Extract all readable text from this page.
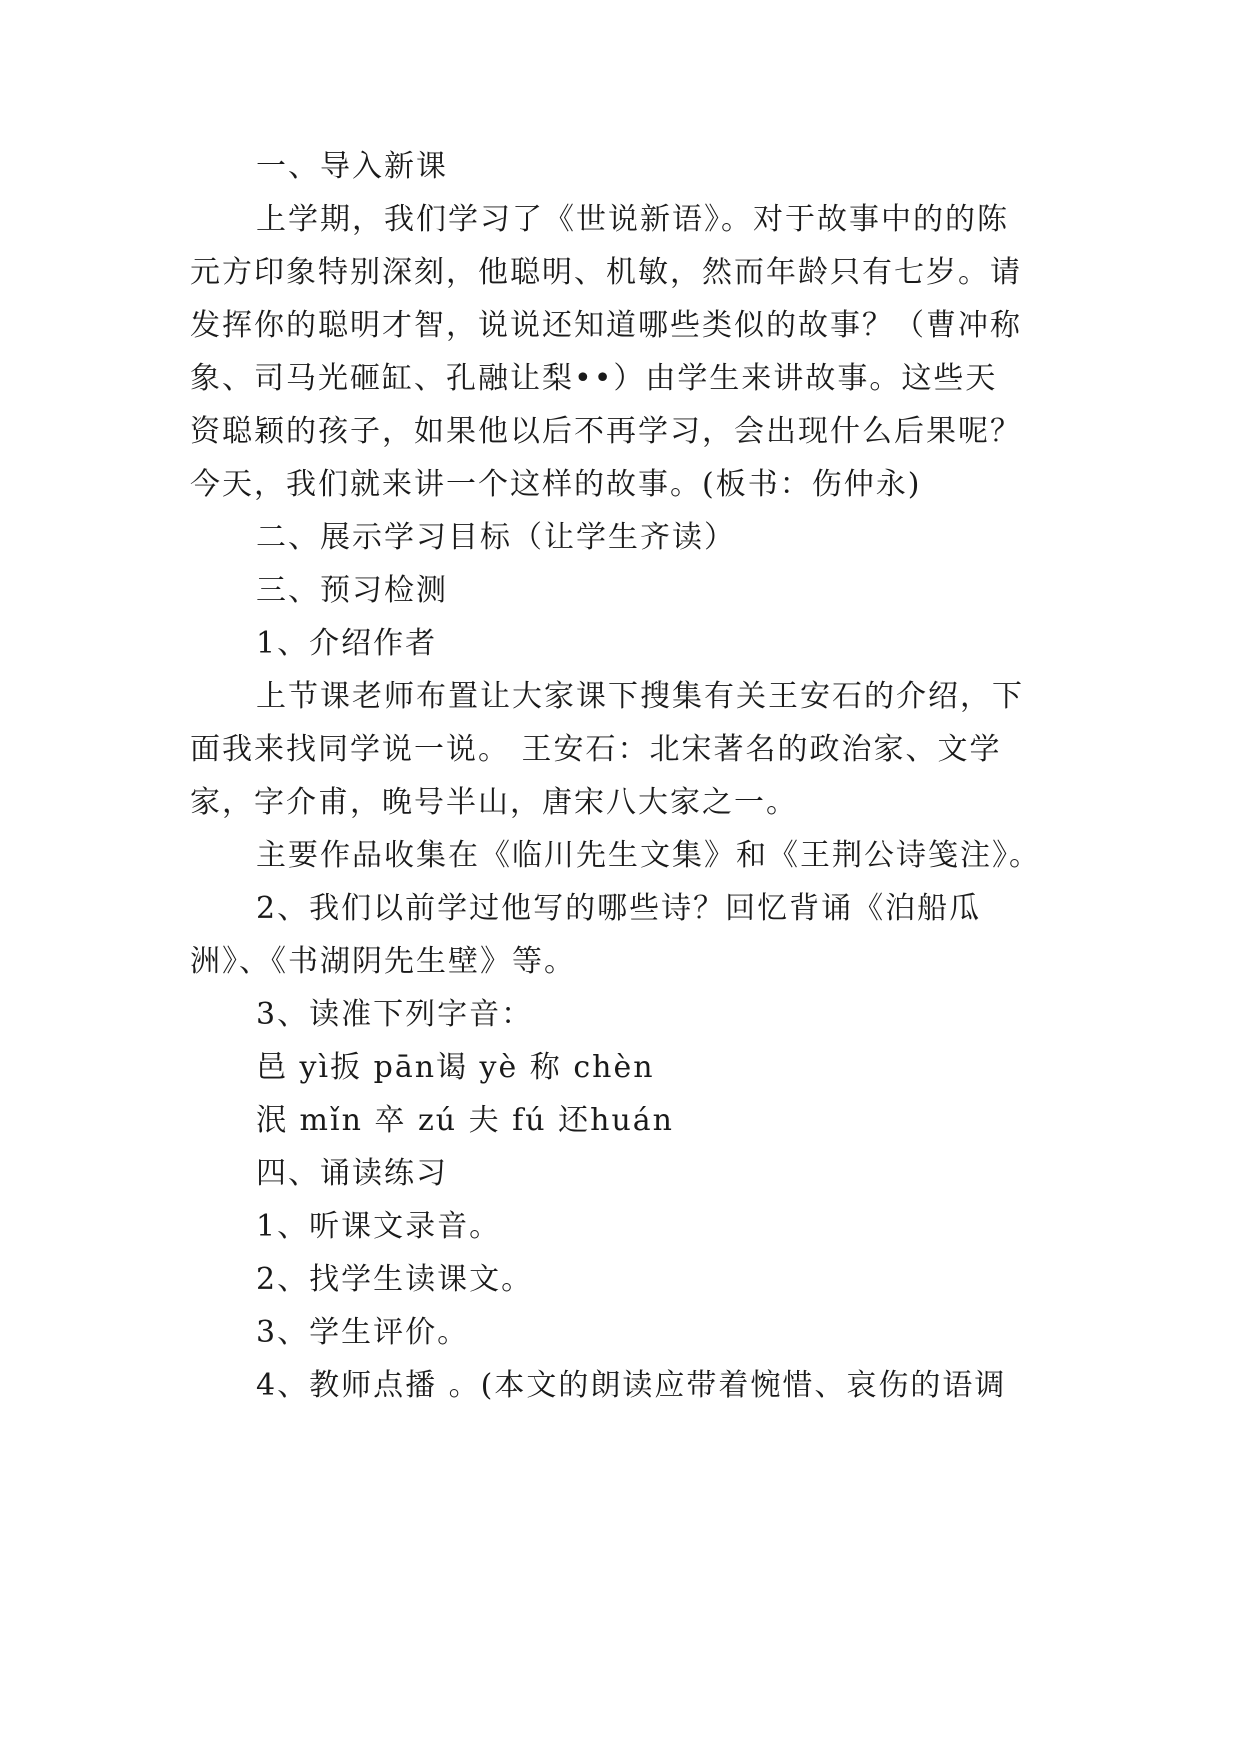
一、导入新课
上学期，我们学习了《世说新语》。对于故事中的的陈
元方印象特别深刻，他聪明、机敏，然而年龄只有七岁。请
发挥你的聪明才智，说说还知道哪些类似的故事？（曹冲称
象、司马光砸缸、孔融让梨••）由学生来讲故事。这些天
资聪颖的孩子，如果他以后不再学习，会出现什么后果呢？
今天，我们就来讲一个这样的故事。(板书：伤仲永)
二、展示学习目标（让学生齐读）
三、预习检测
1、介绍作者
上节课老师布置让大家课下搜集有关王安石的介绍，下
面我来找同学说一说。 王安石：北宋著名的政治家、文学
家，字介甫，晚号半山，唐宋八大家之一。
主要作品收集在《临川先生文集》和《王荆公诗笺注》。
2、我们以前学过他写的哪些诗？回忆背诵《泊船瓜
洲》、《书湖阴先生壁》等。
3、读准下列字音：
邑 yì扳 pān谒 yè 称 chèn
泯 mǐn 卒 zú 夫 fú 还huán
四、诵读练习
1、听课文录音。
2、找学生读课文。
3、学生评价。
4、教师点播 。(本文的朗读应带着惋惜、哀伤的语调
